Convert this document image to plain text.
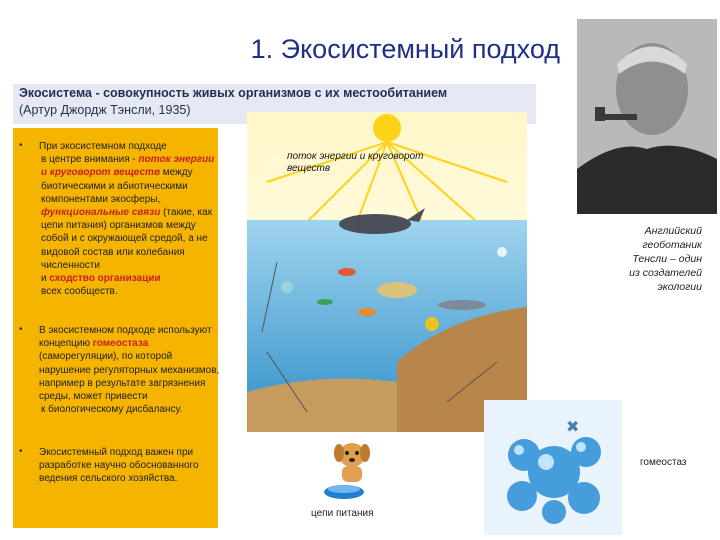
1. Экосистемный подход
Экосистема - совокупность живых организмов с их местообитанием
(Артур Джордж Тэнсли, 1935)
• При экосистемном подходе
в центре внимания - поток энергии и круговорот веществ между биотическими и абиотическими компонентами экосферы, функциональные связи (такие, как цепи питания) организмов между собой и с окружающей средой, а не видовой состав или колебания численности
и сходство организации
всех сообществ.
• В экосистемном подходе используют концепцию гомеостаза (саморегуляции), по которой нарушение регуляторных механизмов, например в результате загрязнения среды, может привести
к биологическому дисбалансу.
• Экосистемный подход важен при разработке научно обоснованного ведения сельского хозяйства.
поток энергии и круговорот веществ
Английский геоботаник Тенсли – один из создателей экологии
✖
гомеостаз
цепи питания
